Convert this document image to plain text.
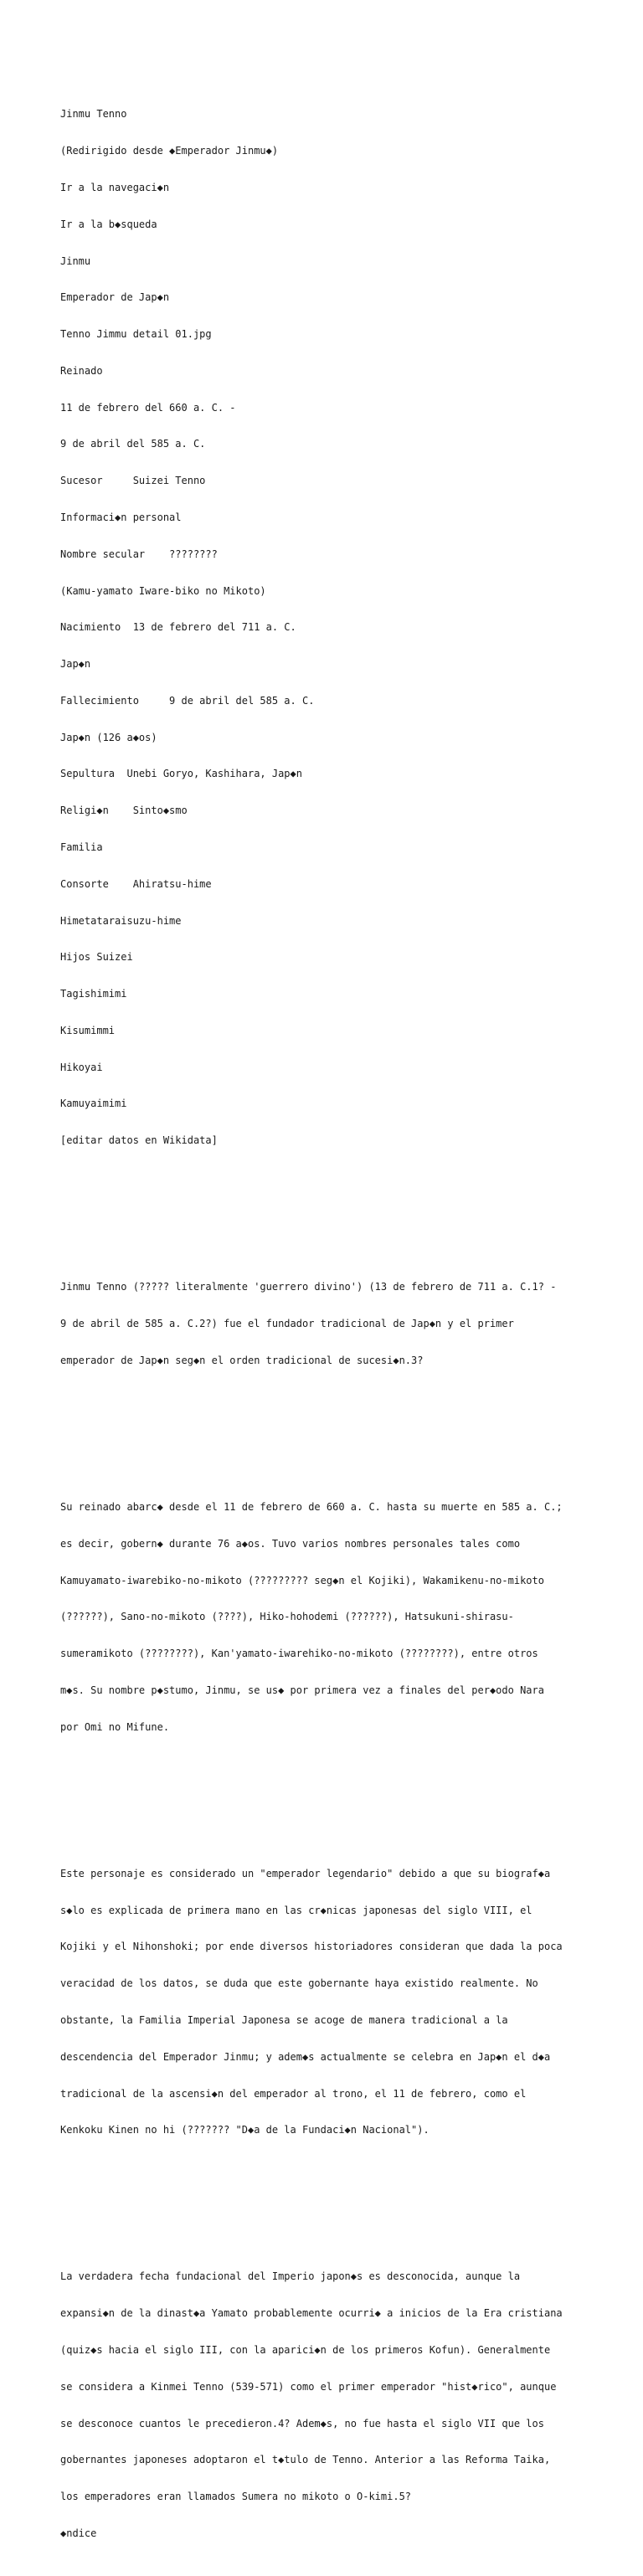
Jinmu Tenno

(Redirigido desde ◆Emperador Jinmu◆)

Ir a la navegaci◆n

Ir a la b◆squeda

Jinmu

Emperador de Jap◆n

Tenno Jimmu detail 01.jpg

Reinado

11 de febrero del 660 a. C. -

9 de abril del 585 a. C.

Sucesor     Suizei Tenno

Informaci◆n personal

Nombre secular    ????????

(Kamu-yamato Iware-biko no Mikoto)

Nacimiento  13 de febrero del 711 a. C.

Jap◆n

Fallecimiento     9 de abril del 585 a. C.

Jap◆n (126 a◆os)

Sepultura  Unebi Goryo, Kashihara, Jap◆n

Religi◆n    Sinto◆smo

Familia

Consorte    Ahiratsu-hime

Himetataraisuzu-hime

Hijos Suizei

Tagishimimi

Kisumimmi

Hikoyai

Kamuyaimimi

[editar datos en Wikidata]

Jinmu Tenno (????? literalmente 'guerrero divino') (13 de febrero de 711 a. C.1? -

9 de abril de 585 a. C.2?) fue el fundador tradicional de Jap◆n y el primer

emperador de Jap◆n seg◆n el orden tradicional de sucesi◆n.3?

Su reinado abarc◆ desde el 11 de febrero de 660 a. C. hasta su muerte en 585 a. C.;

es decir, gobern◆ durante 76 a◆os. Tuvo varios nombres personales tales como

Kamuyamato-iwarebiko-no-mikoto (????????? seg◆n el Kojiki), Wakamikenu-no-mikoto

(??????), Sano-no-mikoto (????), Hiko-hohodemi (??????), Hatsukuni-shirasu-

sumeramikoto (????????), Kan'yamato-iwarehiko-no-mikoto (????????), entre otros

m◆s. Su nombre p◆stumo, Jinmu, se us◆ por primera vez a finales del per◆odo Nara

por Omi no Mifune.

Este personaje es considerado un "emperador legendario" debido a que su biograf◆a

s◆lo es explicada de primera mano en las cr◆nicas japonesas del siglo VIII, el

Kojiki y el Nihonshoki; por ende diversos historiadores consideran que dada la poca

veracidad de los datos, se duda que este gobernante haya existido realmente. No

obstante, la Familia Imperial Japonesa se acoge de manera tradicional a la

descendencia del Emperador Jinmu; y adem◆s actualmente se celebra en Jap◆n el d◆a

tradicional de la ascensi◆n del emperador al trono, el 11 de febrero, como el

Kenkoku Kinen no hi (??????? "D◆a de la Fundaci◆n Nacional").

La verdadera fecha fundacional del Imperio japon◆s es desconocida, aunque la

expansi◆n de la dinast◆a Yamato probablemente ocurri◆ a inicios de la Era cristiana

(quiz◆s hacia el siglo III, con la aparici◆n de los primeros Kofun). Generalmente

se considera a Kinmei Tenno (539-571) como el primer emperador "hist◆rico", aunque

se desconoce cuantos le precedieron.4? Adem◆s, no fue hasta el siglo VII que los

gobernantes japoneses adoptaron el t◆tulo de Tenno. Anterior a las Reforma Taika,

los emperadores eran llamados Sumera no mikoto o O-kimi.5?

◆ndice
